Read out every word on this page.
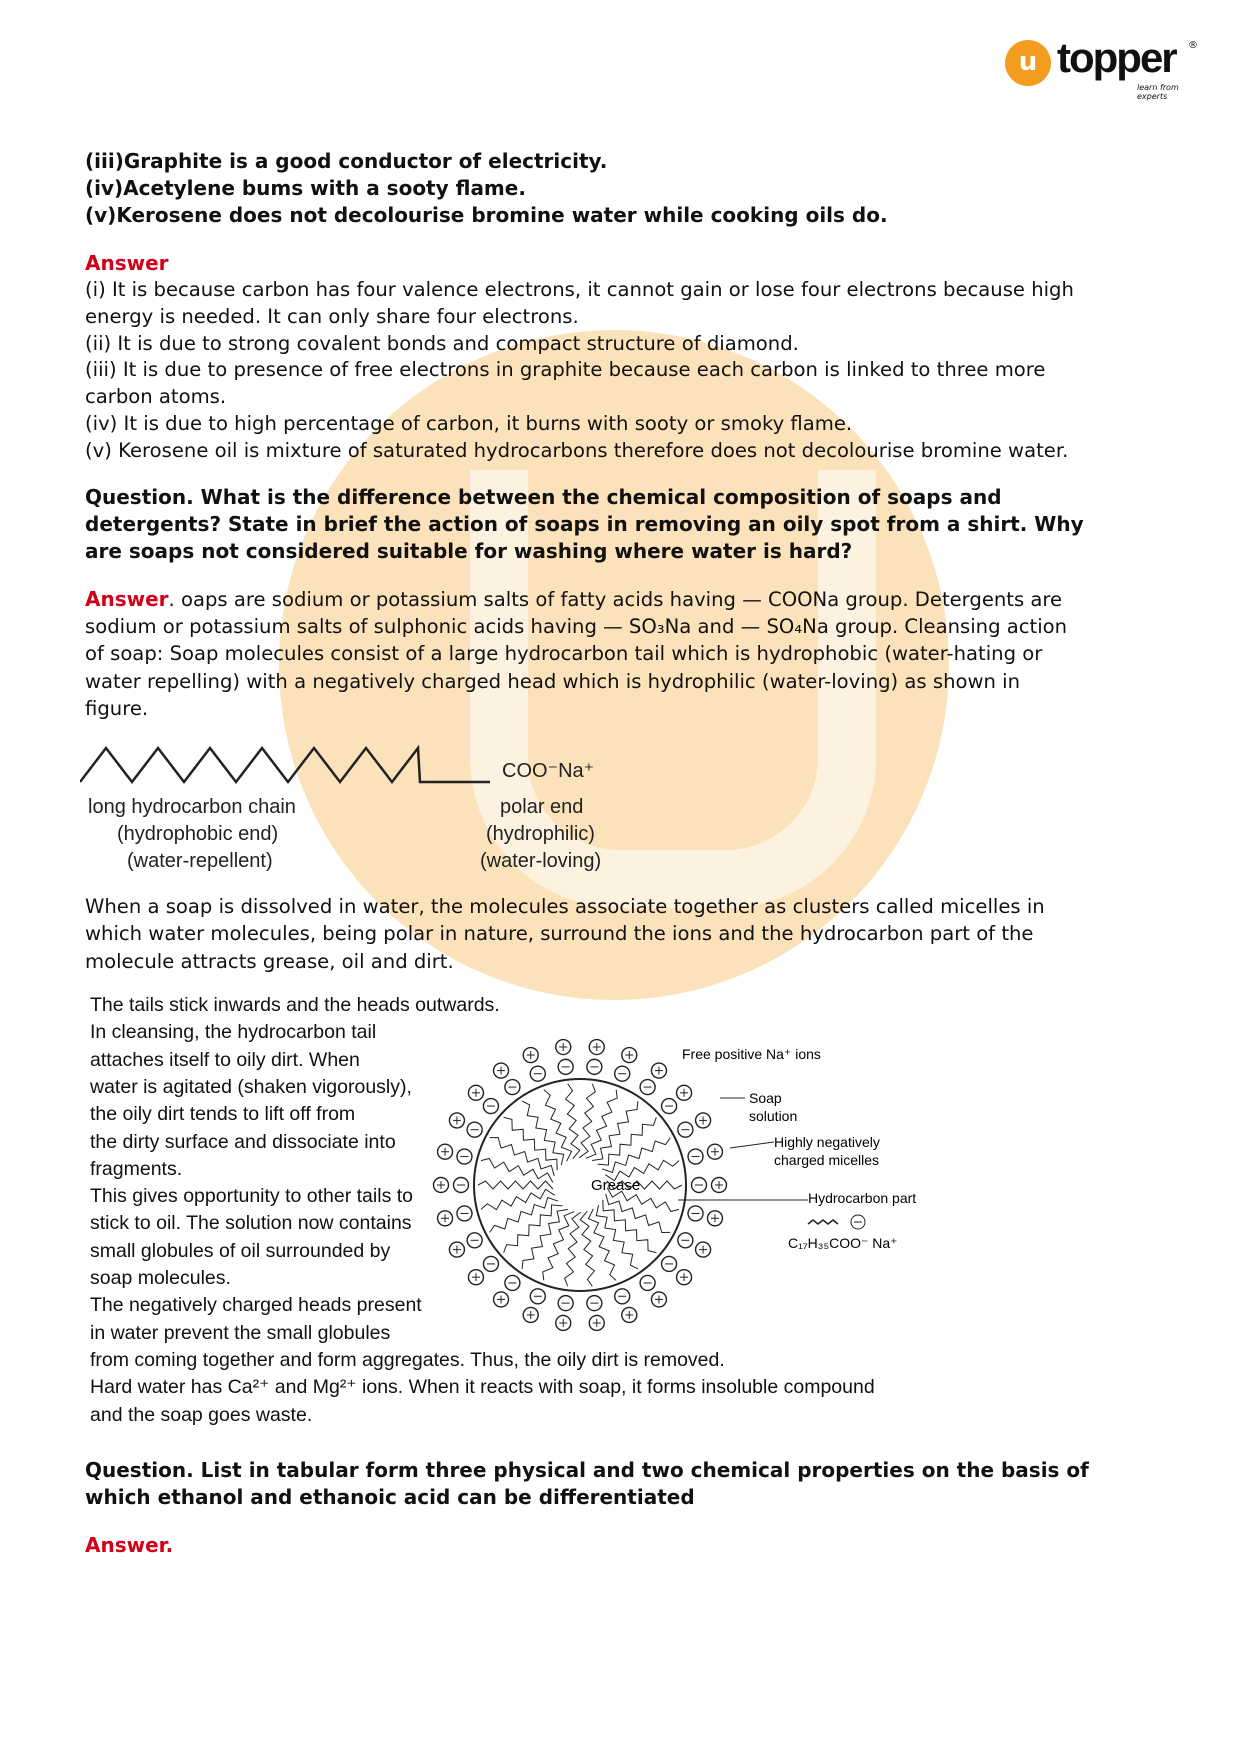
u topper ®
learn from experts
(iii)Graphite is a good conductor of electricity.
(iv)Acetylene bums with a sooty flame.
(v)Kerosene does not decolourise bromine water while cooking oils do.
Answer
(i) It is because carbon has four valence electrons, it cannot gain or lose four electrons because high
energy is needed. It can only share four electrons.
(ii) It is due to strong covalent bonds and compact structure of diamond.
(iii) It is due to presence of free electrons in graphite because each carbon is linked to three more
carbon atoms.
(iv) It is due to high percentage of carbon, it burns with sooty or smoky flame.
(v) Kerosene oil is mixture of saturated hydrocarbons therefore does not decolourise bromine water.
Question. What is the difference between the chemical composition of soaps and
detergents? State in brief the action of soaps in removing an oily spot from a shirt. Why
are soaps not considered suitable for washing where water is hard?
Answer. oaps are sodium or potassium salts of fatty acids having — COONa group. Detergents are
sodium or potassium salts of sulphonic acids having — SO₃Na and — SO₄Na group. Cleansing action
of soap: Soap molecules consist of a large hydrocarbon tail which is hydrophobic (water-hating or
water repelling) with a negatively charged head which is hydrophilic (water-loving) as shown in
figure.
COO⁻Na⁺
long hydrocarbon chain
(hydrophobic end)
(water-repellent)
polar end
(hydrophilic)
(water-loving)
When a soap is dissolved in water, the molecules associate together as clusters called micelles in
which water molecules, being polar in nature, surround the ions and the hydrocarbon part of the
molecule attracts grease, oil and dirt.
The tails stick inwards and the heads outwards.
In cleansing, the hydrocarbon tail
attaches itself to oily dirt. When
water is agitated (shaken vigorously),
the oily dirt tends to lift off from
the dirty surface and dissociate into
fragments.
This gives opportunity to other tails to
stick to oil. The solution now contains
small globules of oil surrounded by
soap molecules.
The negatively charged heads present
in water prevent the small globules
from coming together and form aggregates. Thus, the oily dirt is removed.
Hard water has Ca²⁺ and Mg²⁺ ions. When it reacts with soap, it forms insoluble compound
and the soap goes waste.
Grease
Free positive Na⁺ ions
Soap
solution
Highly negatively
charged micelles
Hydrocarbon part
C₁₇H₃₅COO⁻ Na⁺
Question. List in tabular form three physical and two chemical properties on the basis of
which ethanol and ethanoic acid can be differentiated
Answer.
